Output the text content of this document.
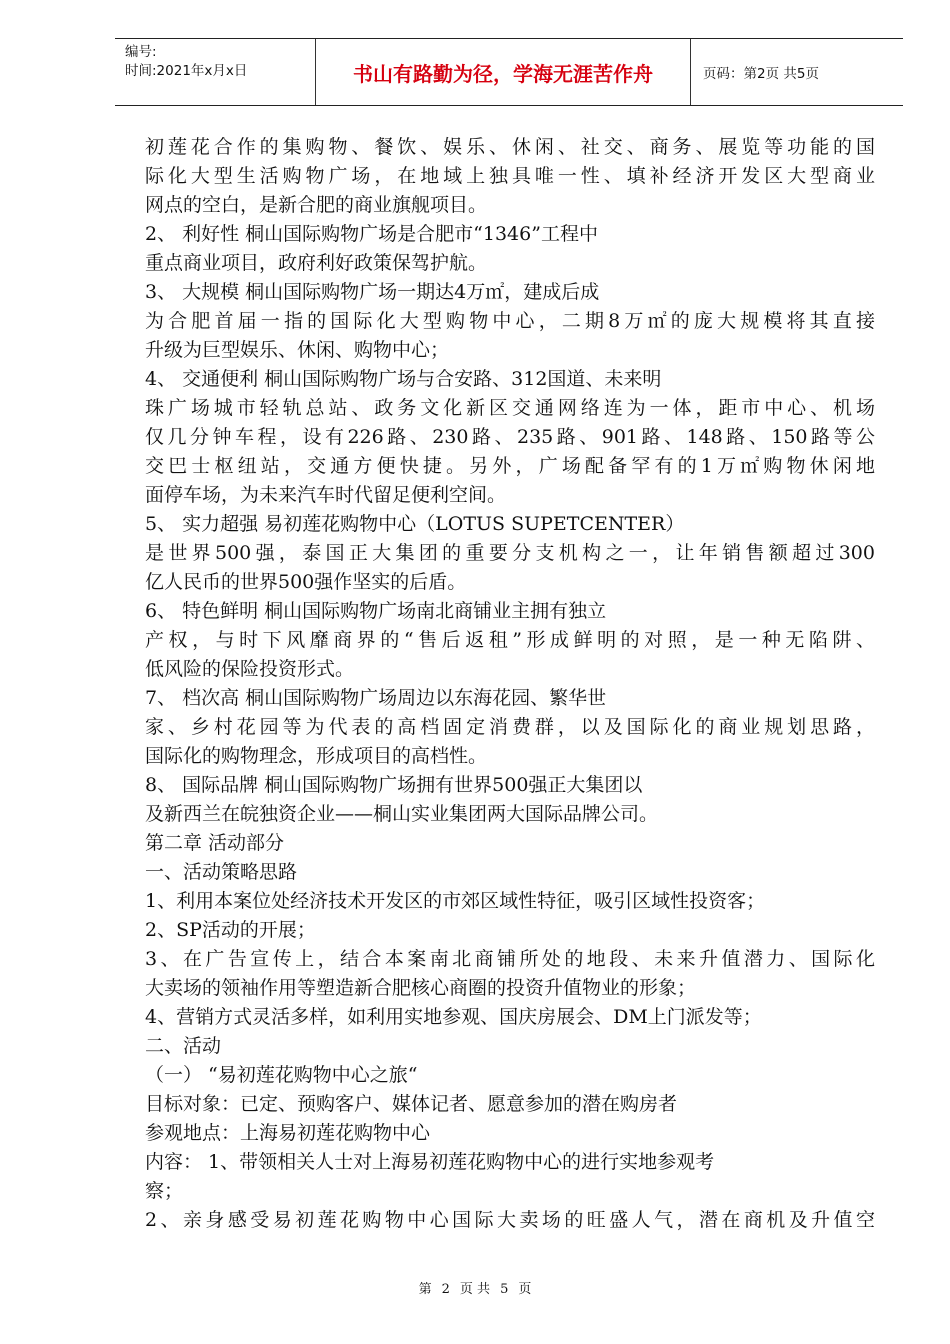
编号:
时间:2021年x月x日	书山有路勤为径，学海无涯苦作舟	页码：第2页 共5页
初莲花合作的集购物、餐饮、娱乐、休闲、社交、商务、展览等功能的国
际化大型生活购物广场，在地域上独具唯一性、填补经济开发区大型商业
网点的空白，是新合肥的商业旗舰项目。
2、 利好性 桐山国际购物广场是合肥市“1346”工程中
重点商业项目，政府利好政策保驾护航。
3、 大规模 桐山国际购物广场一期达4万㎡，建成后成
为合肥首届一指的国际化大型购物中心，二期8万㎡的庞大规模将其直接
升级为巨型娱乐、休闲、购物中心；
4、 交通便利 桐山国际购物广场与合安路、312国道、未来明
珠广场城市轻轨总站、政务文化新区交通网络连为一体，距市中心、机场
仅几分钟车程，设有226路、230路、235路、901路、148路、150路等公
交巴士枢纽站，交通方便快捷。另外，广场配备罕有的1万㎡购物休闲地
面停车场，为未来汽车时代留足便利空间。
5、 实力超强 易初莲花购物中心（LOTUS SUPETCENTER）
是世界500强，泰国正大集团的重要分支机构之一，让年销售额超过300
亿人民币的世界500强作坚实的后盾。
6、 特色鲜明 桐山国际购物广场南北商铺业主拥有独立
产权，与时下风靡商界的“售后返租”形成鲜明的对照，是一种无陷阱、
低风险的保险投资形式。
7、 档次高 桐山国际购物广场周边以东海花园、繁华世
家、乡村花园等为代表的高档固定消费群，以及国际化的商业规划思路，
国际化的购物理念，形成项目的高档性。
8、 国际品牌 桐山国际购物广场拥有世界500强正大集团以
及新西兰在皖独资企业——桐山实业集团两大国际品牌公司。
第二章 活动部分
一、活动策略思路
1、利用本案位处经济技术开发区的市郊区域性特征，吸引区域性投资客；
2、SP活动的开展；
3、在广告宣传上，结合本案南北商铺所处的地段、未来升值潜力、国际化
大卖场的领袖作用等塑造新合肥核心商圈的投资升值物业的形象；
4、营销方式灵活多样，如利用实地参观、国庆房展会、DM上门派发等；
二、活动
（一） “易初莲花购物中心之旅“
目标对象：已定、预购客户、媒体记者、愿意参加的潜在购房者
参观地点：上海易初莲花购物中心
内容： 1、带领相关人士对上海易初莲花购物中心的进行实地参观考
察；
2、亲身感受易初莲花购物中心国际大卖场的旺盛人气，潜在商机及升值空
第 2 页 共 5 页
